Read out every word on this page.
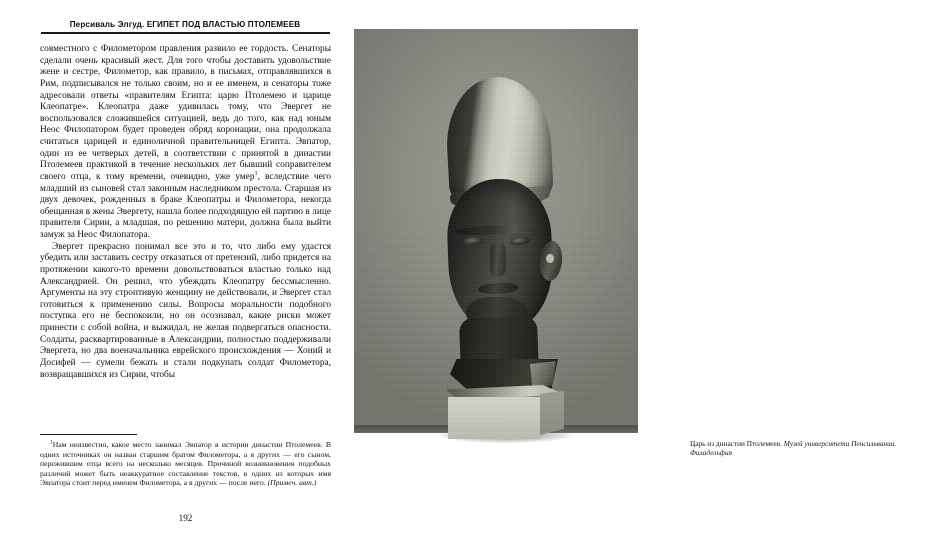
Персиваль Элгуд. ЕГИПЕТ ПОД ВЛАСТЬЮ ПТОЛЕМЕЕВ

совместного с Филометором правления развило ее гордость. Сенаторы сделали очень красивый жест. Для того чтобы доставить удовольствие жене и сестре, Филометор, как правило, в письмах, отправлявшихся в Рим, подписывался не только своим, но и ее именем, и сенаторы тоже адресовали ответы «правителям Египта: царю Птолемею и царице Клеопатре». Клеопатра даже удивилась тому, что Эвергет не воспользовался сложившейся ситуацией, ведь до того, как над юным Неос Филопатором будет проведен обряд коронации, она продолжала считаться царицей и единоличной правительницей Египта. Эвпатор, один из ее четверых детей, в соответствии с принятой в династии Птолемеев практикой в течение нескольких лет бывший соправителем своего отца, к тому времени, очевидно, уже умер$^1$, вследствие чего младший из сыновей стал законным наследником престола. Старшая из двух девочек, рожденных в браке Клеопатры и Филометора, некогда обещанная в жены Эвергету, нашла более подходящую ей партию в лице правителя Сирии, а младшая, по решению матери, должна была выйти замуж за Неос Филопатора.

Эвергет прекрасно понимал все это и то, что либо ему удастся убедить или заставить сестру отказаться от претензий, либо придется на протяжении какого-то времени довольствоваться властью только над Александрией. Он решил, что убеждать Клеопатру бессмысленно. Аргументы на эту строптивую женщину не действовали, и Эвергет стал готовиться к применению силы. Вопросы моральности подобного поступка его не беспокоили, но он осознавал, какие риски может принести с собой война, и выжидал, не желая подвергаться опасности. Солдаты, расквартированные в Александрии, полностью поддерживали Эвергета, но два военачальника еврейского происхождения — Хоний и Досифей — сумели бежать и стали подкупать солдат Филометора, возвращавшихся из Сирии, чтобы

$^1$Нам неизвестно, какое место занимал Эвпатор в истории династии Птолемеев. В одних источниках он назван старшим братом Филометора, а в других — его сыном, пережившим отца всего на несколько месяцев. Причиной возникновения подобных различий может быть неаккуратное составление текстов, в одних из которых имя Эвпатора стоит перед именем Филометора, а в других — после него. (Примеч. авт.)

192
Царь из династии Птолемеев. Музей университета Пенсильвании.
Филадельфия
